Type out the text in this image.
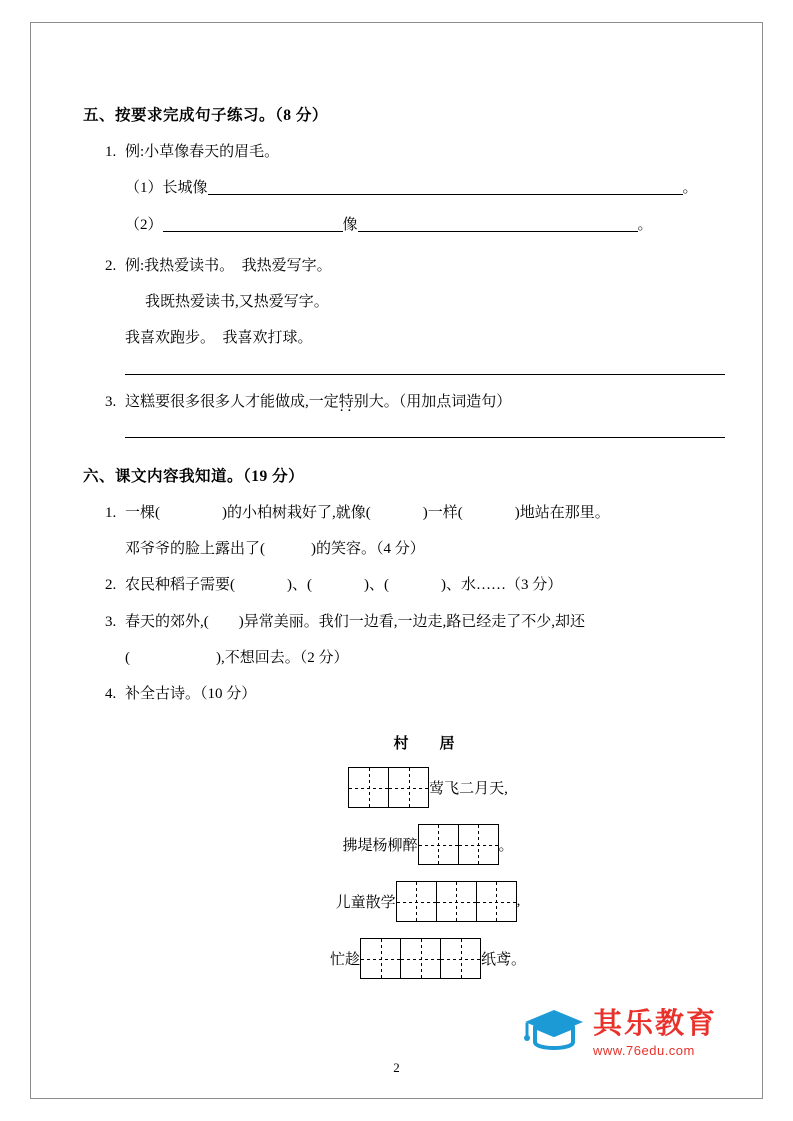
五、按要求完成句子练习。（8 分）
1. 例:小草像春天的眉毛。
（1）长城像	。
（2）	像	。
2. 例:我热爱读书。　我热爱写字。
我既热爱读书,又热爱写字。
我喜欢跑步。　我喜欢打球。
3. 这糕要很多很多人才能做成,一定特别 ..大。（用加点词造句）
六、课文内容我知道。（19 分）
1. 一棵(	)的小柏树栽好了,就像(	)一样(	)地站在那里。
邓爷爷的脸上露出了(	)的笑容。（4 分）
2. 农民种稻子需要(	)、(	)、(	)、水……（3 分）
3. 春天的郊外,( )异常美丽。我们一边看,一边走,路已经走了不少,却还
(	),不想回去。（2 分）
4. 补全古诗。（10 分）
村　居
莺飞二月天,
拂堤杨柳醉	。
儿童散学	,
忙趁	纸鸢。
其乐教育
www.76edu.com
2
